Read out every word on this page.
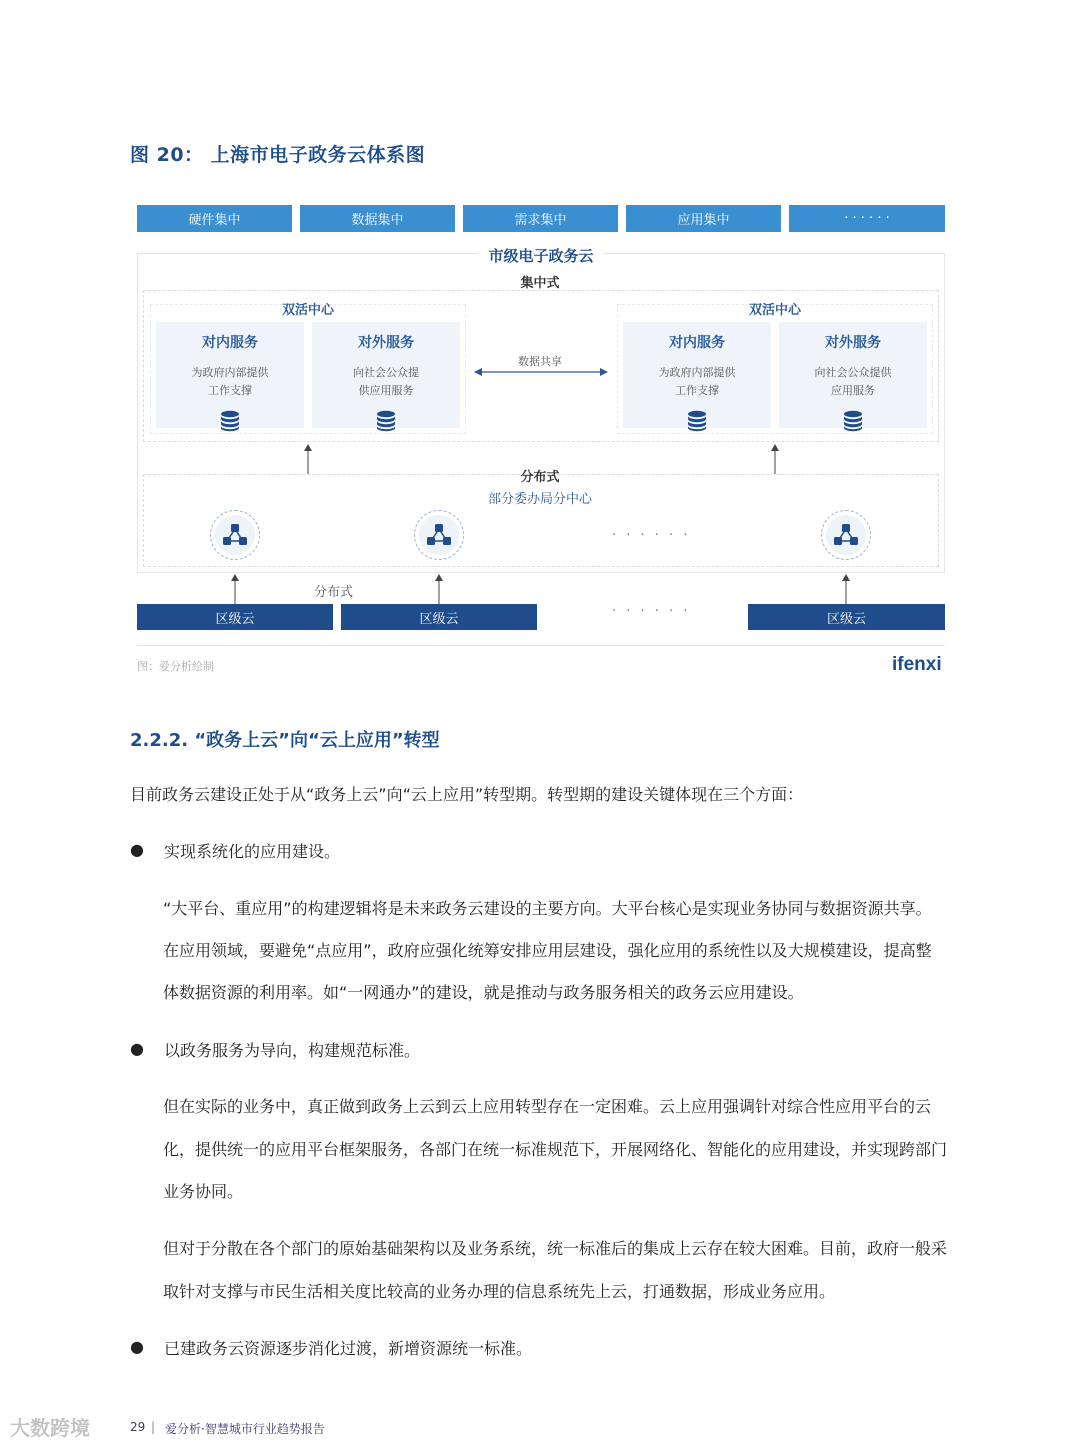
图 20： 上海市电子政务云体系图
硬件集中	数据集中	需求集中	应用集中	· · · · · ·
市级电子政务云
集中式
双活中心
对内服务
为政府内部提供
工作支撑
对外服务
向社会公众提
供应用服务
数据共享
双活中心
对内服务
为政府内部提供
工作支撑
对外服务
向社会公众提供
应用服务
分布式
部分委办局分中心
· · · · · ·
分布式
区级云	区级云	· · · · · ·	区级云
图：爱分析绘制	ifenxi
2.2.2. “政务上云”向“云上应用”转型
目前政务云建设正处于从“政务上云”向“云上应用”转型期。转型期的建设关键体现在三个方面：
● 实现系统化的应用建设。
“大平台、重应用”的构建逻辑将是未来政务云建设的主要方向。大平台核心是实现业务协同与数据资源共享。
在应用领域，要避免“点应用”，政府应强化统筹安排应用层建设，强化应用的系统性以及大规模建设，提高整
体数据资源的利用率。如“一网通办”的建设，就是推动与政务服务相关的政务云应用建设。
● 以政务服务为导向，构建规范标准。
但在实际的业务中，真正做到政务上云到云上应用转型存在一定困难。云上应用强调针对综合性应用平台的云
化，提供统一的应用平台框架服务，各部门在统一标准规范下，开展网络化、智能化的应用建设，并实现跨部门
业务协同。
但对于分散在各个部门的原始基础架构以及业务系统，统一标准后的集成上云存在较大困难。目前，政府一般采
取针对支撑与市民生活相关度比较高的业务办理的信息系统先上云，打通数据，形成业务应用。
● 已建政务云资源逐步消化过渡，新增资源统一标准。
大数跨境	29 | 爱分析·智慧城市行业趋势报告
